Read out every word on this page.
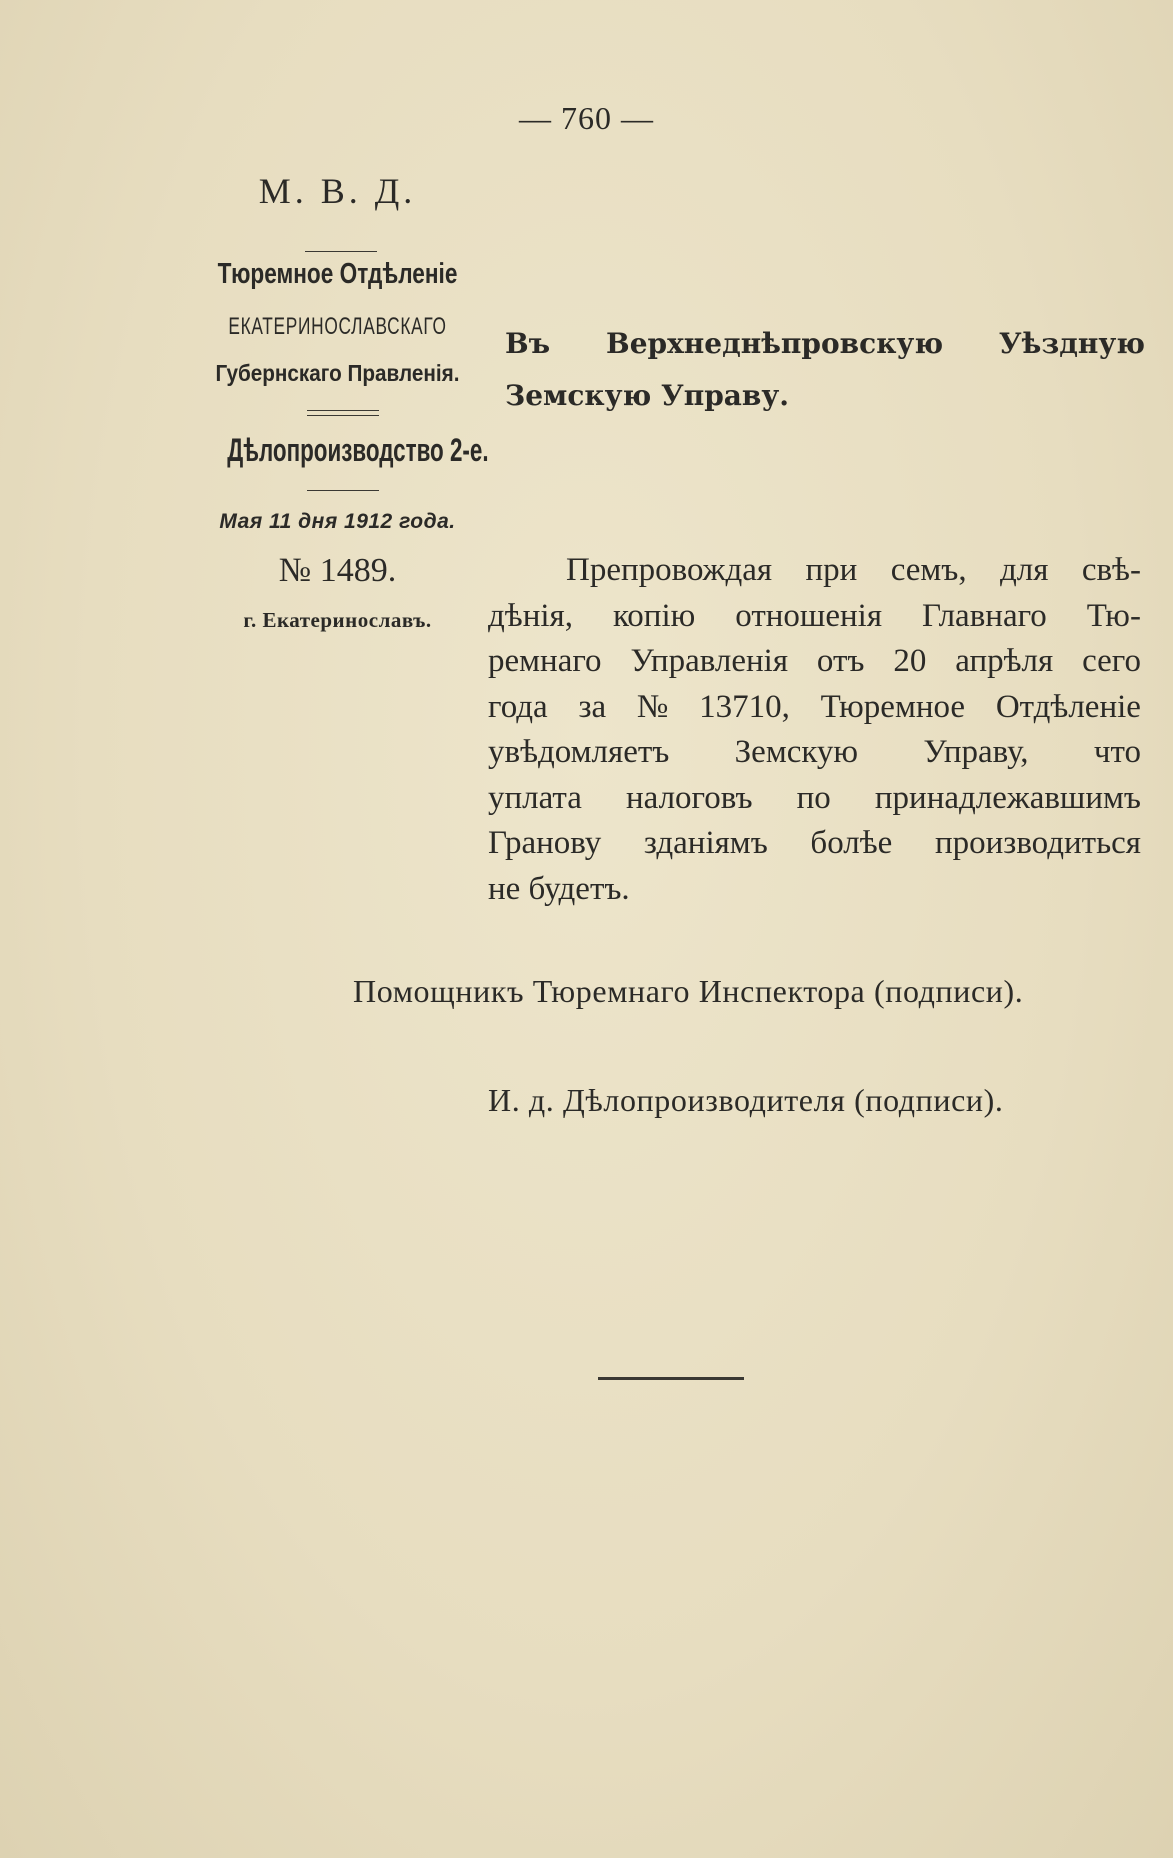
— 760 —
М. В. Д.
Тюремное Отдѣленіе
ЕКАТЕРИНОСЛАВСКАГО
Губернскаго Правленія.
Дѣлопроизводство 2-е.
Мая 11 дня 1912 года.
№ 1489.
г. Екатеринославъ.
Въ Верхнеднѣпровскую Уѣздную
Земскую Управу.
Препровождая при семъ, для свѣ-
дѣнія, копію отношенія Главнаго Тю-
ремнаго Управленія отъ 20 апрѣля сего
года за № 13710, Тюремное Отдѣленіе
увѣдомляетъ Земскую Управу, что
уплата налоговъ по принадлежавшимъ
Гранову зданіямъ болѣе производиться
не будетъ.
Помощникъ Тюремнаго Инспектора (подписи).
И. д. Дѣлопроизводителя (подписи).
